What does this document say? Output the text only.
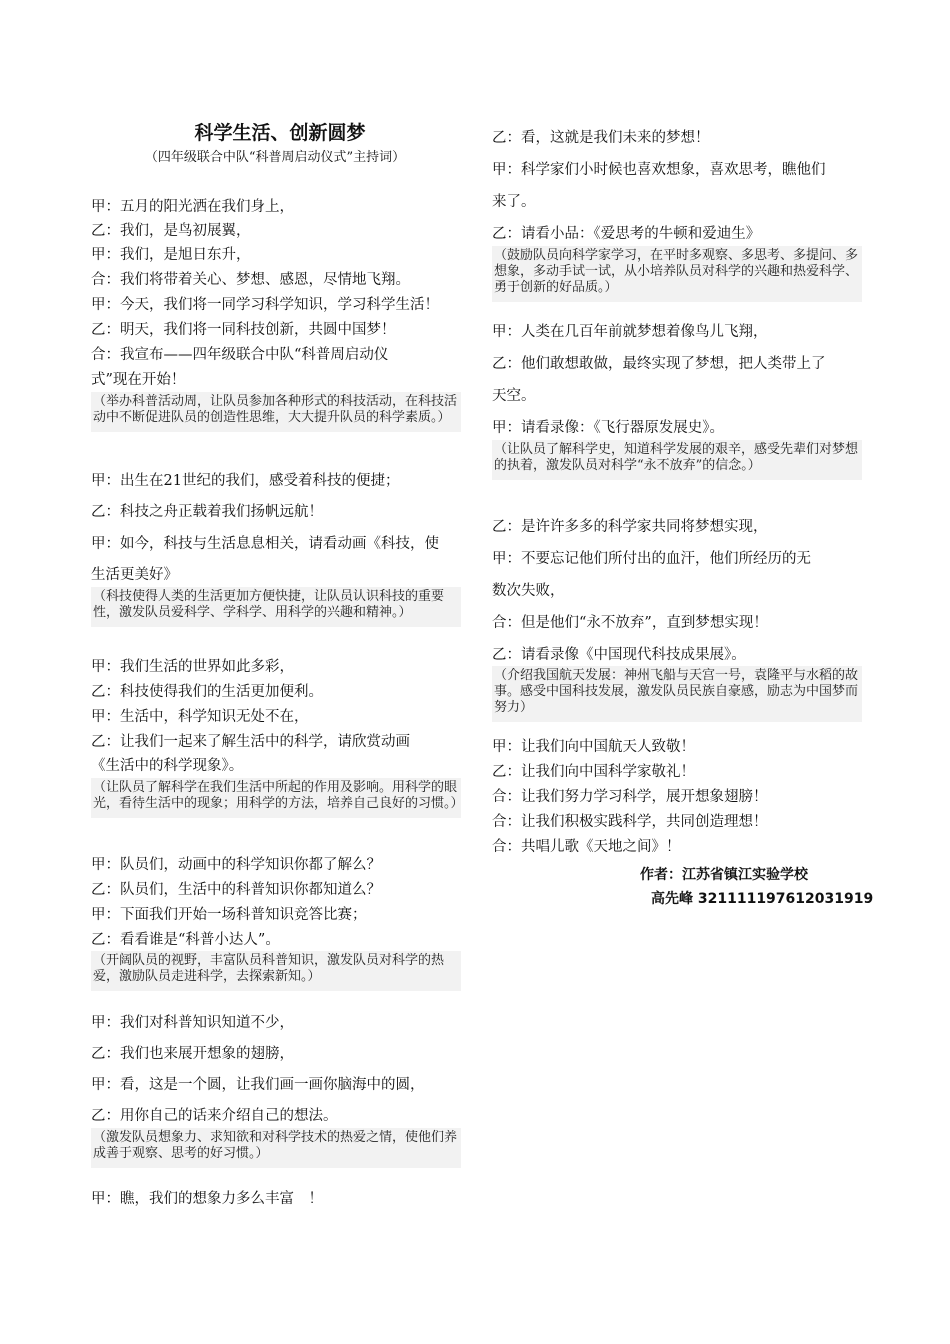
科学生活、创新圆梦
（四年级联合中队“科普周启动仪式”主持词）
甲：五月的阳光洒在我们身上，
乙：我们，是鸟初展翼，
甲：我们，是旭日东升，
合：我们将带着关心、梦想、感恩，尽情地飞翔。
甲：今天，我们将一同学习科学知识，学习科学生活！
乙：明天，我们将一同科技创新，共圆中国梦！
合：我宣布——四年级联合中队“科普周启动仪
式”现在开始！
（举办科普活动周，让队员参加各种形式的科技活动，在科技活动中不断促进队员的创造性思维，大大提升队员的科学素质。）
甲：出生在21世纪的我们，感受着科技的便捷；
乙：科技之舟正载着我们扬帆远航！
甲：如今，科技与生活息息相关，请看动画《科技，使
生活更美好》
（科技使得人类的生活更加方便快捷，让队员认识科技的重要性，激发队员爱科学、学科学、用科学的兴趣和精神。）
甲：我们生活的世界如此多彩，
乙：科技使得我们的生活更加便利。
甲：生活中，科学知识无处不在，
乙：让我们一起来了解生活中的科学，请欣赏动画
《生活中的科学现象》。
（让队员了解科学在我们生活中所起的作用及影响。用科学的眼光，看待生活中的现象；用科学的方法，培养自己良好的习惯。）
甲：队员们，动画中的科学知识你都了解么？
乙：队员们，生活中的科普知识你都知道么？
甲：下面我们开始一场科普知识竞答比赛；
乙：看看谁是“科普小达人”。
（开阔队员的视野，丰富队员科普知识，激发队员对科学的热爱，激励队员走进科学，去探索新知。）
甲：我们对科普知识知道不少，
乙：我们也来展开想象的翅膀，
甲：看，这是一个圆，让我们画一画你脑海中的圆，
乙：用你自己的话来介绍自己的想法。
（激发队员想象力、求知欲和对科学技术的热爱之情，使他们养成善于观察、思考的好习惯。）
甲：瞧，我们的想象力多么丰富　！
乙：看，这就是我们未来的梦想！
甲：科学家们小时候也喜欢想象，喜欢思考，瞧他们
来了。
乙：请看小品：《爱思考的牛顿和爱迪生》
（鼓励队员向科学家学习，在平时多观察、多思考、多提问、多想象，多动手试一试，从小培养队员对科学的兴趣和热爱科学、勇于创新的好品质。）
甲：人类在几百年前就梦想着像鸟儿飞翔，
乙：他们敢想敢做，最终实现了梦想，把人类带上了
天空。
甲：请看录像：《飞行器原发展史》。
（让队员了解科学史，知道科学发展的艰辛，感受先辈们对梦想的执着，激发队员对科学“永不放弃”的信念。）
乙：是许许多多的科学家共同将梦想实现，
甲：不要忘记他们所付出的血汗，他们所经历的无
数次失败，
合：但是他们“永不放弃”，直到梦想实现！
乙：请看录像《中国现代科技成果展》。
（介绍我国航天发展：神州飞船与天宫一号，袁隆平与水稻的故事。感受中国科技发展，激发队员民族自豪感，励志为中国梦而努力）
甲：让我们向中国航天人致敬！
乙：让我们向中国科学家敬礼！
合：让我们努力学习科学，展开想象翅膀！
合：让我们积极实践科学，共同创造理想！
合：共唱儿歌《天地之间》！
作者：江苏省镇江实验学校
高先峰 321111197612031919
